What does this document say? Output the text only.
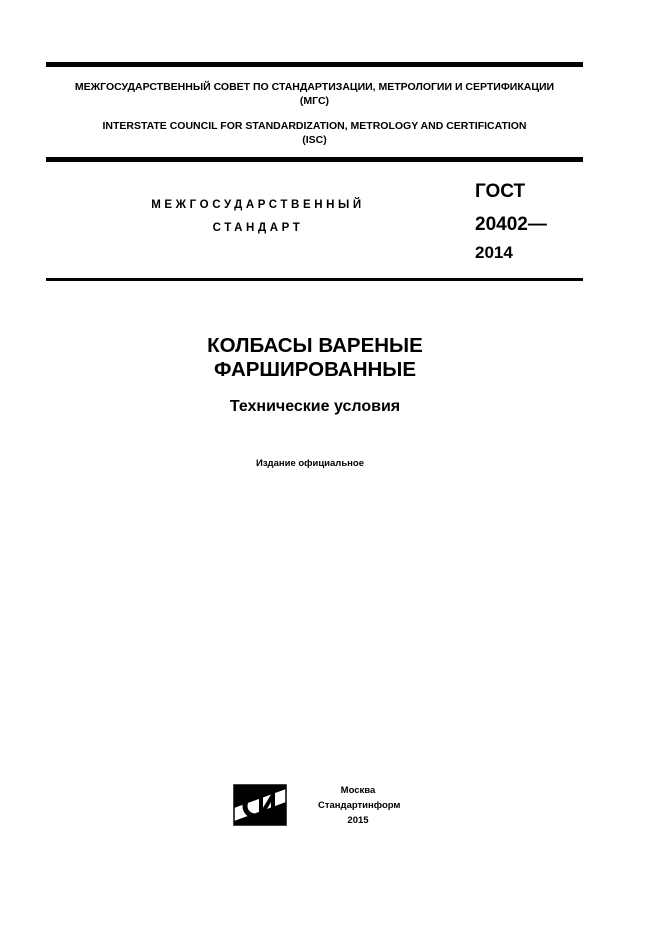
МЕЖГОСУДАРСТВЕННЫЙ СОВЕТ ПО СТАНДАРТИЗАЦИИ, МЕТРОЛОГИИ И СЕРТИФИКАЦИИ
(МГС)
INTERSTATE COUNCIL FOR STANDARDIZATION, METROLOGY AND CERTIFICATION
(ISC)
МЕЖГОСУДАРСТВЕННЫЙ
СТАНДАРТ
ГОСТ
20402—
2014
КОЛБАСЫ ВАРЕНЫЕ
ФАРШИРОВАННЫЕ
Технические условия
Издание официальное
Москва
Стандартинформ
2015
